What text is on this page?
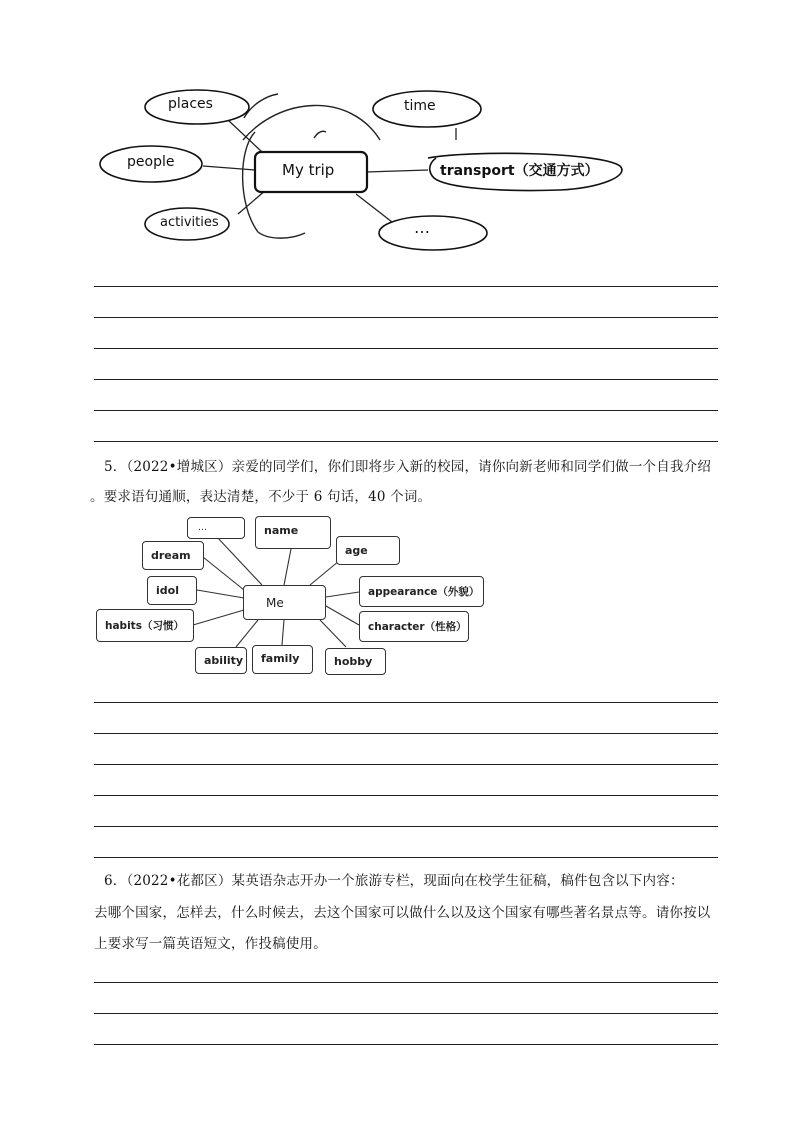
places	time
people	My trip	transport（交通方式）
activities	…
5．（2022•增城区）亲爱的同学们，你们即将步入新的校园，请你向新老师和同学们做一个自我介绍
。要求语句通顺，表达清楚，不少于 6 句话，40 个词。
…	name
age
dream
idol
Me
appearance（外貌）
habits（习惯）	character（性格）
ability	family	hobby
6．（2022•花都区）某英语杂志开办一个旅游专栏，现面向在校学生征稿，稿件包含以下内容：
去哪个国家，怎样去，什么时候去，去这个国家可以做什么以及这个国家有哪些著名景点等。请你按以
上要求写一篇英语短文，作投稿使用。
